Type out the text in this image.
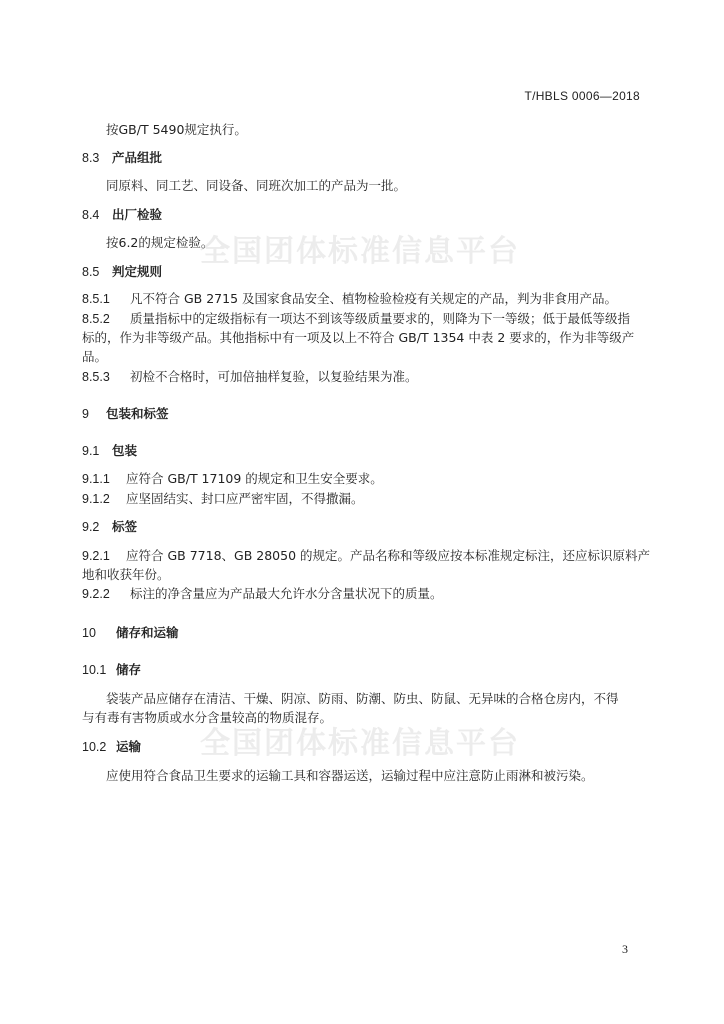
T/HBLS 0006—2018
全国团体标准信息平台
全国团体标准信息平台
按GB/T 5490规定执行。
8.3 产品组批
同原料、同工艺、同设备、同班次加工的产品为一批。
8.4 出厂检验
按6.2的规定检验。
8.5 判定规则
8.5.1 凡不符合 GB 2715 及国家食品安全、植物检验检疫有关规定的产品，判为非食用产品。
8.5.2 质量指标中的定级指标有一项达不到该等级质量要求的，则降为下一等级；低于最低等级指
标的，作为非等级产品。其他指标中有一项及以上不符合 GB/T 1354 中表 2 要求的，作为非等级产
品。
8.5.3 初检不合格时，可加倍抽样复验，以复验结果为准。
9 包装和标签
9.1 包装
9.1.1 应符合 GB/T 17109 的规定和卫生安全要求。
9.1.2 应坚固结实、封口应严密牢固，不得撒漏。
9.2 标签
9.2.1 应符合 GB 7718、GB 28050 的规定。产品名称和等级应按本标准规定标注，还应标识原料产
地和收获年份。
9.2.2 标注的净含量应为产品最大允许水分含量状况下的质量。
10 储存和运输
10.1 储存
袋装产品应储存在清洁、干燥、阴凉、防雨、防潮、防虫、防鼠、无异味的合格仓房内，不得
与有毒有害物质或水分含量较高的物质混存。
10.2 运输
应使用符合食品卫生要求的运输工具和容器运送，运输过程中应注意防止雨淋和被污染。
3
